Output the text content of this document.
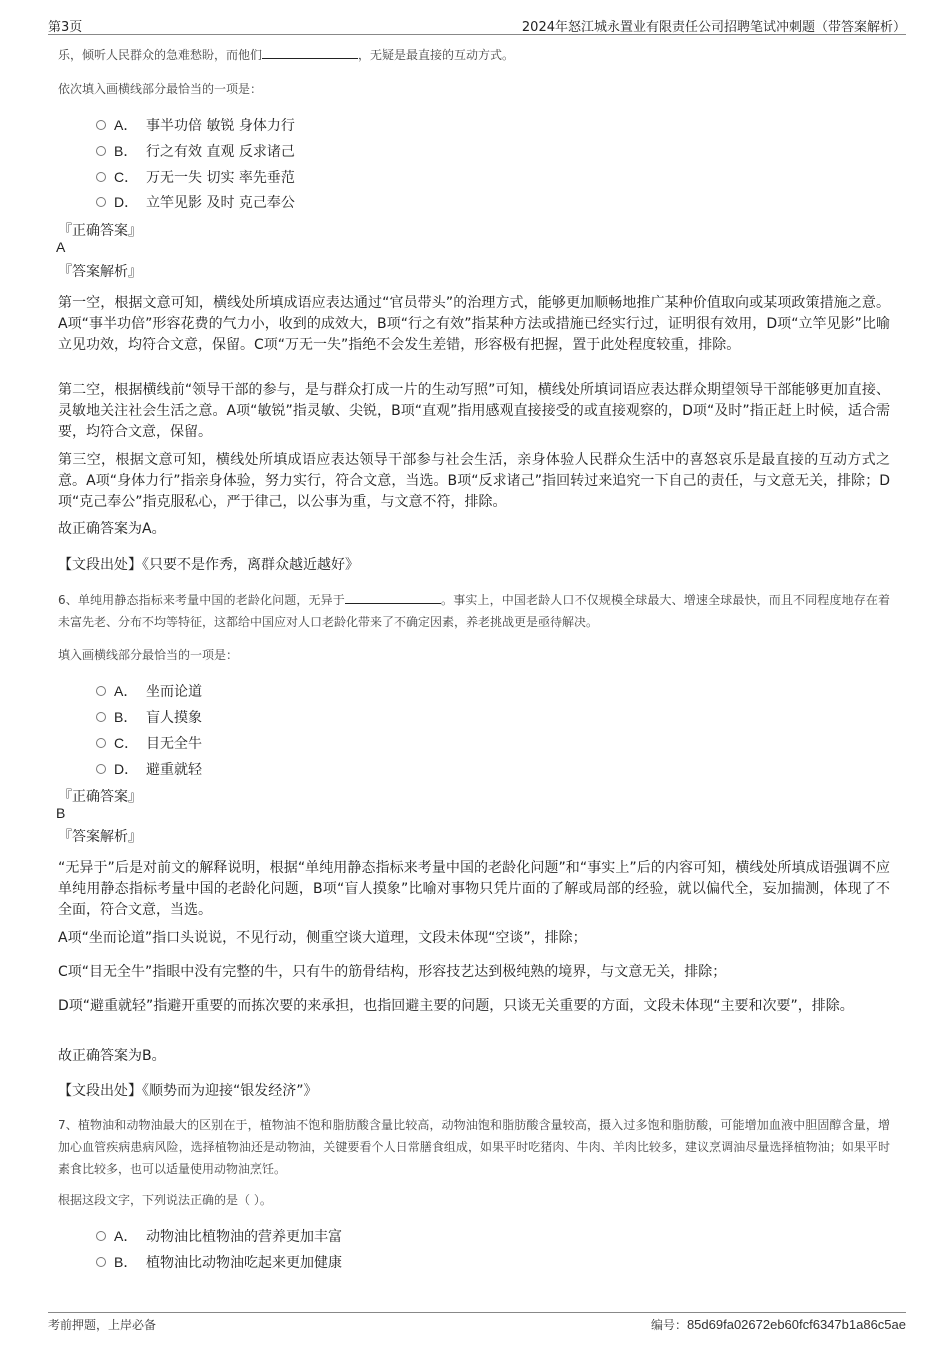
第3页	2024年怒江城永置业有限责任公司招聘笔试冲刺题（带答案解析）
乐，倾听人民群众的急难愁盼，而他们	，无疑是最直接的互动方式。
依次填入画横线部分最恰当的一项是：
A． 事半功倍 敏锐 身体力行
B． 行之有效 直观 反求诸己
C． 万无一失 切实 率先垂范
D． 立竿见影 及时 克己奉公
『正确答案』
A
『答案解析』
第一空，根据文意可知，横线处所填成语应表达通过“官员带头”的治理方式，能够更加顺畅地推广某种价值取向或某项政策措施之意。A项“事半功倍”形容花费的气力小，收到的成效大，B项“行之有效”指某种方法或措施已经实行过，证明很有效用，D项“立竿见影”比喻立见功效，均符合文意，保留。C项“万无一失”指绝不会发生差错，形容极有把握，置于此处程度较重，排除。
第二空，根据横线前“领导干部的参与，是与群众打成一片的生动写照”可知，横线处所填词语应表达群众期望领导干部能够更加直接、灵敏地关注社会生活之意。A项“敏锐”指灵敏、尖锐，B项“直观”指用感观直接接受的或直接观察的，D项“及时”指正赶上时候，适合需要，均符合文意，保留。
第三空，根据文意可知，横线处所填成语应表达领导干部参与社会生活，亲身体验人民群众生活中的喜怒哀乐是最直接的互动方式之意。A项“身体力行”指亲身体验，努力实行，符合文意，当选。B项“反求诸己”指回转过来追究一下自己的责任，与文意无关，排除；D项“克己奉公”指克服私心，严于律己，以公事为重，与文意不符，排除。
故正确答案为A。
【文段出处】《只要不是作秀，离群众越近越好》
6、单纯用静态指标来考量中国的老龄化问题，无异于	。事实上，中国老龄人口不仅规模全球最大、增速全球最快，而且不同程度地存在着未富先老、分布不均等特征，这都给中国应对人口老龄化带来了不确定因素，养老挑战更是亟待解决。
填入画横线部分最恰当的一项是：
A． 坐而论道
B． 盲人摸象
C． 目无全牛
D． 避重就轻
『正确答案』
B
『答案解析』
“无异于”后是对前文的解释说明，根据“单纯用静态指标来考量中国的老龄化问题”和“事实上”后的内容可知，横线处所填成语强调不应单纯用静态指标考量中国的老龄化问题，B项“盲人摸象”比喻对事物只凭片面的了解或局部的经验，就以偏代全，妄加揣测，体现了不全面，符合文意，当选。
A项“坐而论道”指口头说说，不见行动，侧重空谈大道理，文段未体现“空谈”，排除；
C项“目无全牛”指眼中没有完整的牛，只有牛的筋骨结构，形容技艺达到极纯熟的境界，与文意无关，排除；
D项“避重就轻”指避开重要的而拣次要的来承担，也指回避主要的问题，只谈无关重要的方面，文段未体现“主要和次要”，排除。
故正确答案为B。
【文段出处】《顺势而为迎接“银发经济”》
7、植物油和动物油最大的区别在于，植物油不饱和脂肪酸含量比较高，动物油饱和脂肪酸含量较高，摄入过多饱和脂肪酸，可能增加血液中胆固醇含量，增加心血管疾病患病风险，选择植物油还是动物油，关键要看个人日常膳食组成，如果平时吃猪肉、牛肉、羊肉比较多，建议烹调油尽量选择植物油；如果平时素食比较多，也可以适量使用动物油烹饪。
根据这段文字，下列说法正确的是（ ）。
A． 动物油比植物油的营养更加丰富
B． 植物油比动物油吃起来更加健康
考前押题，上岸必备	编号：85d69fa02672eb60fcf6347b1a86c5ae
